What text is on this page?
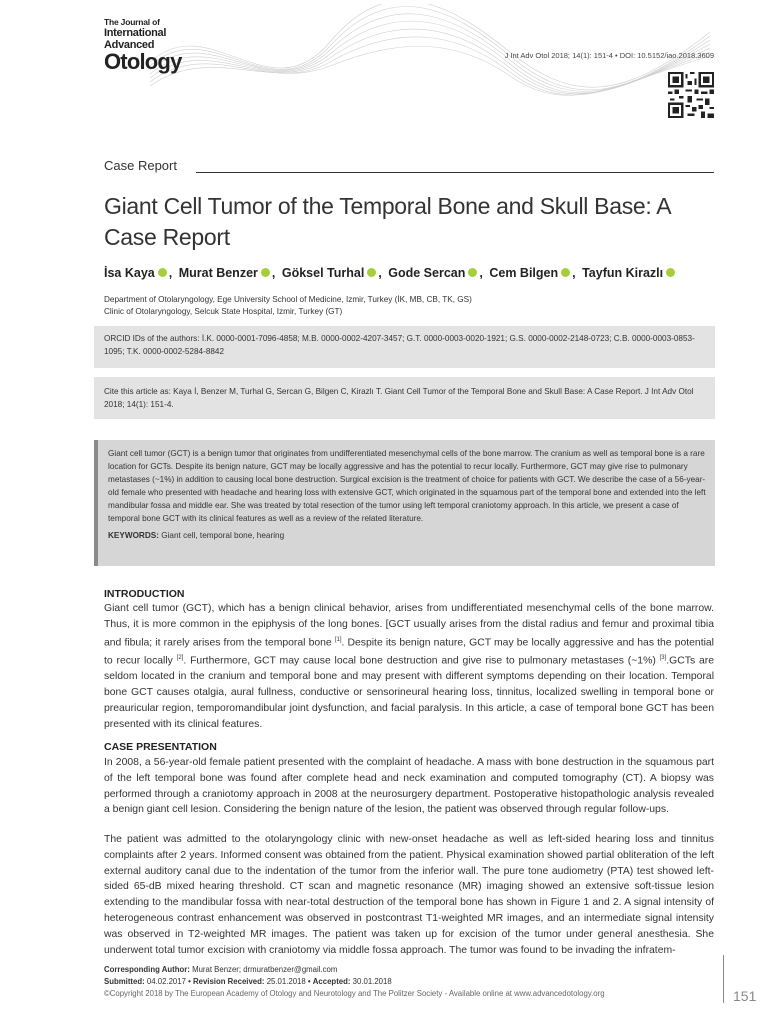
The Journal of
International
Advanced
Otology	J Int Adv Otol 2018; 14(1): 151-4 • DOI: 10.5152/iao.2018.3609
Case Report
Giant Cell Tumor of the Temporal Bone and Skull Base: A Case Report
İsa Kaya , Murat Benzer , Göksel Turhal , Gode Sercan , Cem Bilgen , Tayfun Kirazlı
Department of Otolaryngology, Ege University School of Medicine, Izmir, Turkey (İK, MB, CB, TK, GS)
Clinic of Otolaryngology, Selcuk State Hospital, Izmir, Turkey (GT)
ORCID IDs of the authors: İ.K. 0000-0001-7096-4858; M.B. 0000-0002-4207-3457; G.T. 0000-0003-0020-1921; G.S. 0000-0002-2148-0723; C.B. 0000-0003-0853-1095; T.K. 0000-0002-5284-8842
Cite this article as: Kaya İ, Benzer M, Turhal G, Sercan G, Bilgen C, Kirazlı T. Giant Cell Tumor of the Temporal Bone and Skull Base: A Case Report. J Int Adv Otol 2018; 14(1): 151-4.
Giant cell tumor (GCT) is a benign tumor that originates from undifferentiated mesenchymal cells of the bone marrow. The cranium as well as temporal bone is a rare location for GCTs. Despite its benign nature, GCT may be locally aggressive and has the potential to recur locally. Furthermore, GCT may give rise to pulmonary metastases (~1%) in addition to causing local bone destruction. Surgical excision is the treatment of choice for patients with GCT. We describe the case of a 56-year-old female who presented with headache and hearing loss with extensive GCT, which originated in the squamous part of the temporal bone and extended into the left mandibular fossa and middle ear. She was treated by total resection of the tumor using left temporal craniotomy approach. In this article, we present a case of temporal bone GCT with its clinical features as well as a review of the related literature.
KEYWORDS: Giant cell, temporal bone, hearing
INTRODUCTION
Giant cell tumor (GCT), which has a benign clinical behavior, arises from undifferentiated mesenchymal cells of the bone marrow. Thus, it is more common in the epiphysis of the long bones. [GCT usually arises from the distal radius and femur and proximal tibia and fibula; it rarely arises from the temporal bone [1]. Despite its benign nature, GCT may be locally aggressive and has the potential to recur locally [2]. Furthermore, GCT may cause local bone destruction and give rise to pulmonary metastases (~1%) [3].GCTs are seldom located in the cranium and temporal bone and may present with different symptoms depending on their location. Temporal bone GCT causes otalgia, aural fullness, conductive or sensorineural hearing loss, tinnitus, localized swelling in temporal bone or preauricular region, temporomandibular joint dysfunction, and facial paralysis. In this article, a case of temporal bone GCT has been presented with its clinical features.
CASE PRESENTATION
In 2008, a 56-year-old female patient presented with the complaint of headache. A mass with bone destruction in the squamous part of the left temporal bone was found after complete head and neck examination and computed tomography (CT). A biopsy was performed through a craniotomy approach in 2008 at the neurosurgery department. Postoperative histopathologic analysis revealed a benign giant cell lesion. Considering the benign nature of the lesion, the patient was observed through regular follow-ups.
The patient was admitted to the otolaryngology clinic with new-onset headache as well as left-sided hearing loss and tinnitus complaints after 2 years. Informed consent was obtained from the patient. Physical examination showed partial obliteration of the left external auditory canal due to the indentation of the tumor from the inferior wall. The pure tone audiometry (PTA) test showed left-sided 65-dB mixed hearing threshold. CT scan and magnetic resonance (MR) imaging showed an extensive soft-tissue lesion extending to the mandibular fossa with near-total destruction of the temporal bone has shown in Figure 1 and 2. A signal intensity of heterogeneous contrast enhancement was observed in postcontrast T1-weighted MR images, and an intermediate signal intensity was observed in T2-weighted MR images. The patient was taken up for excision of the tumor under general anesthesia. She underwent total tumor excision with craniotomy via middle fossa approach. The tumor was found to be invading the infratem-
Corresponding Author: Murat Benzer; drmuratbenzer@gmail.com
Submitted: 04.02.2017 • Revision Received: 25.01.2018 • Accepted: 30.01.2018
©Copyright 2018 by The European Academy of Otology and Neurotology and The Politzer Society - Available online at www.advancedotology.org	151
